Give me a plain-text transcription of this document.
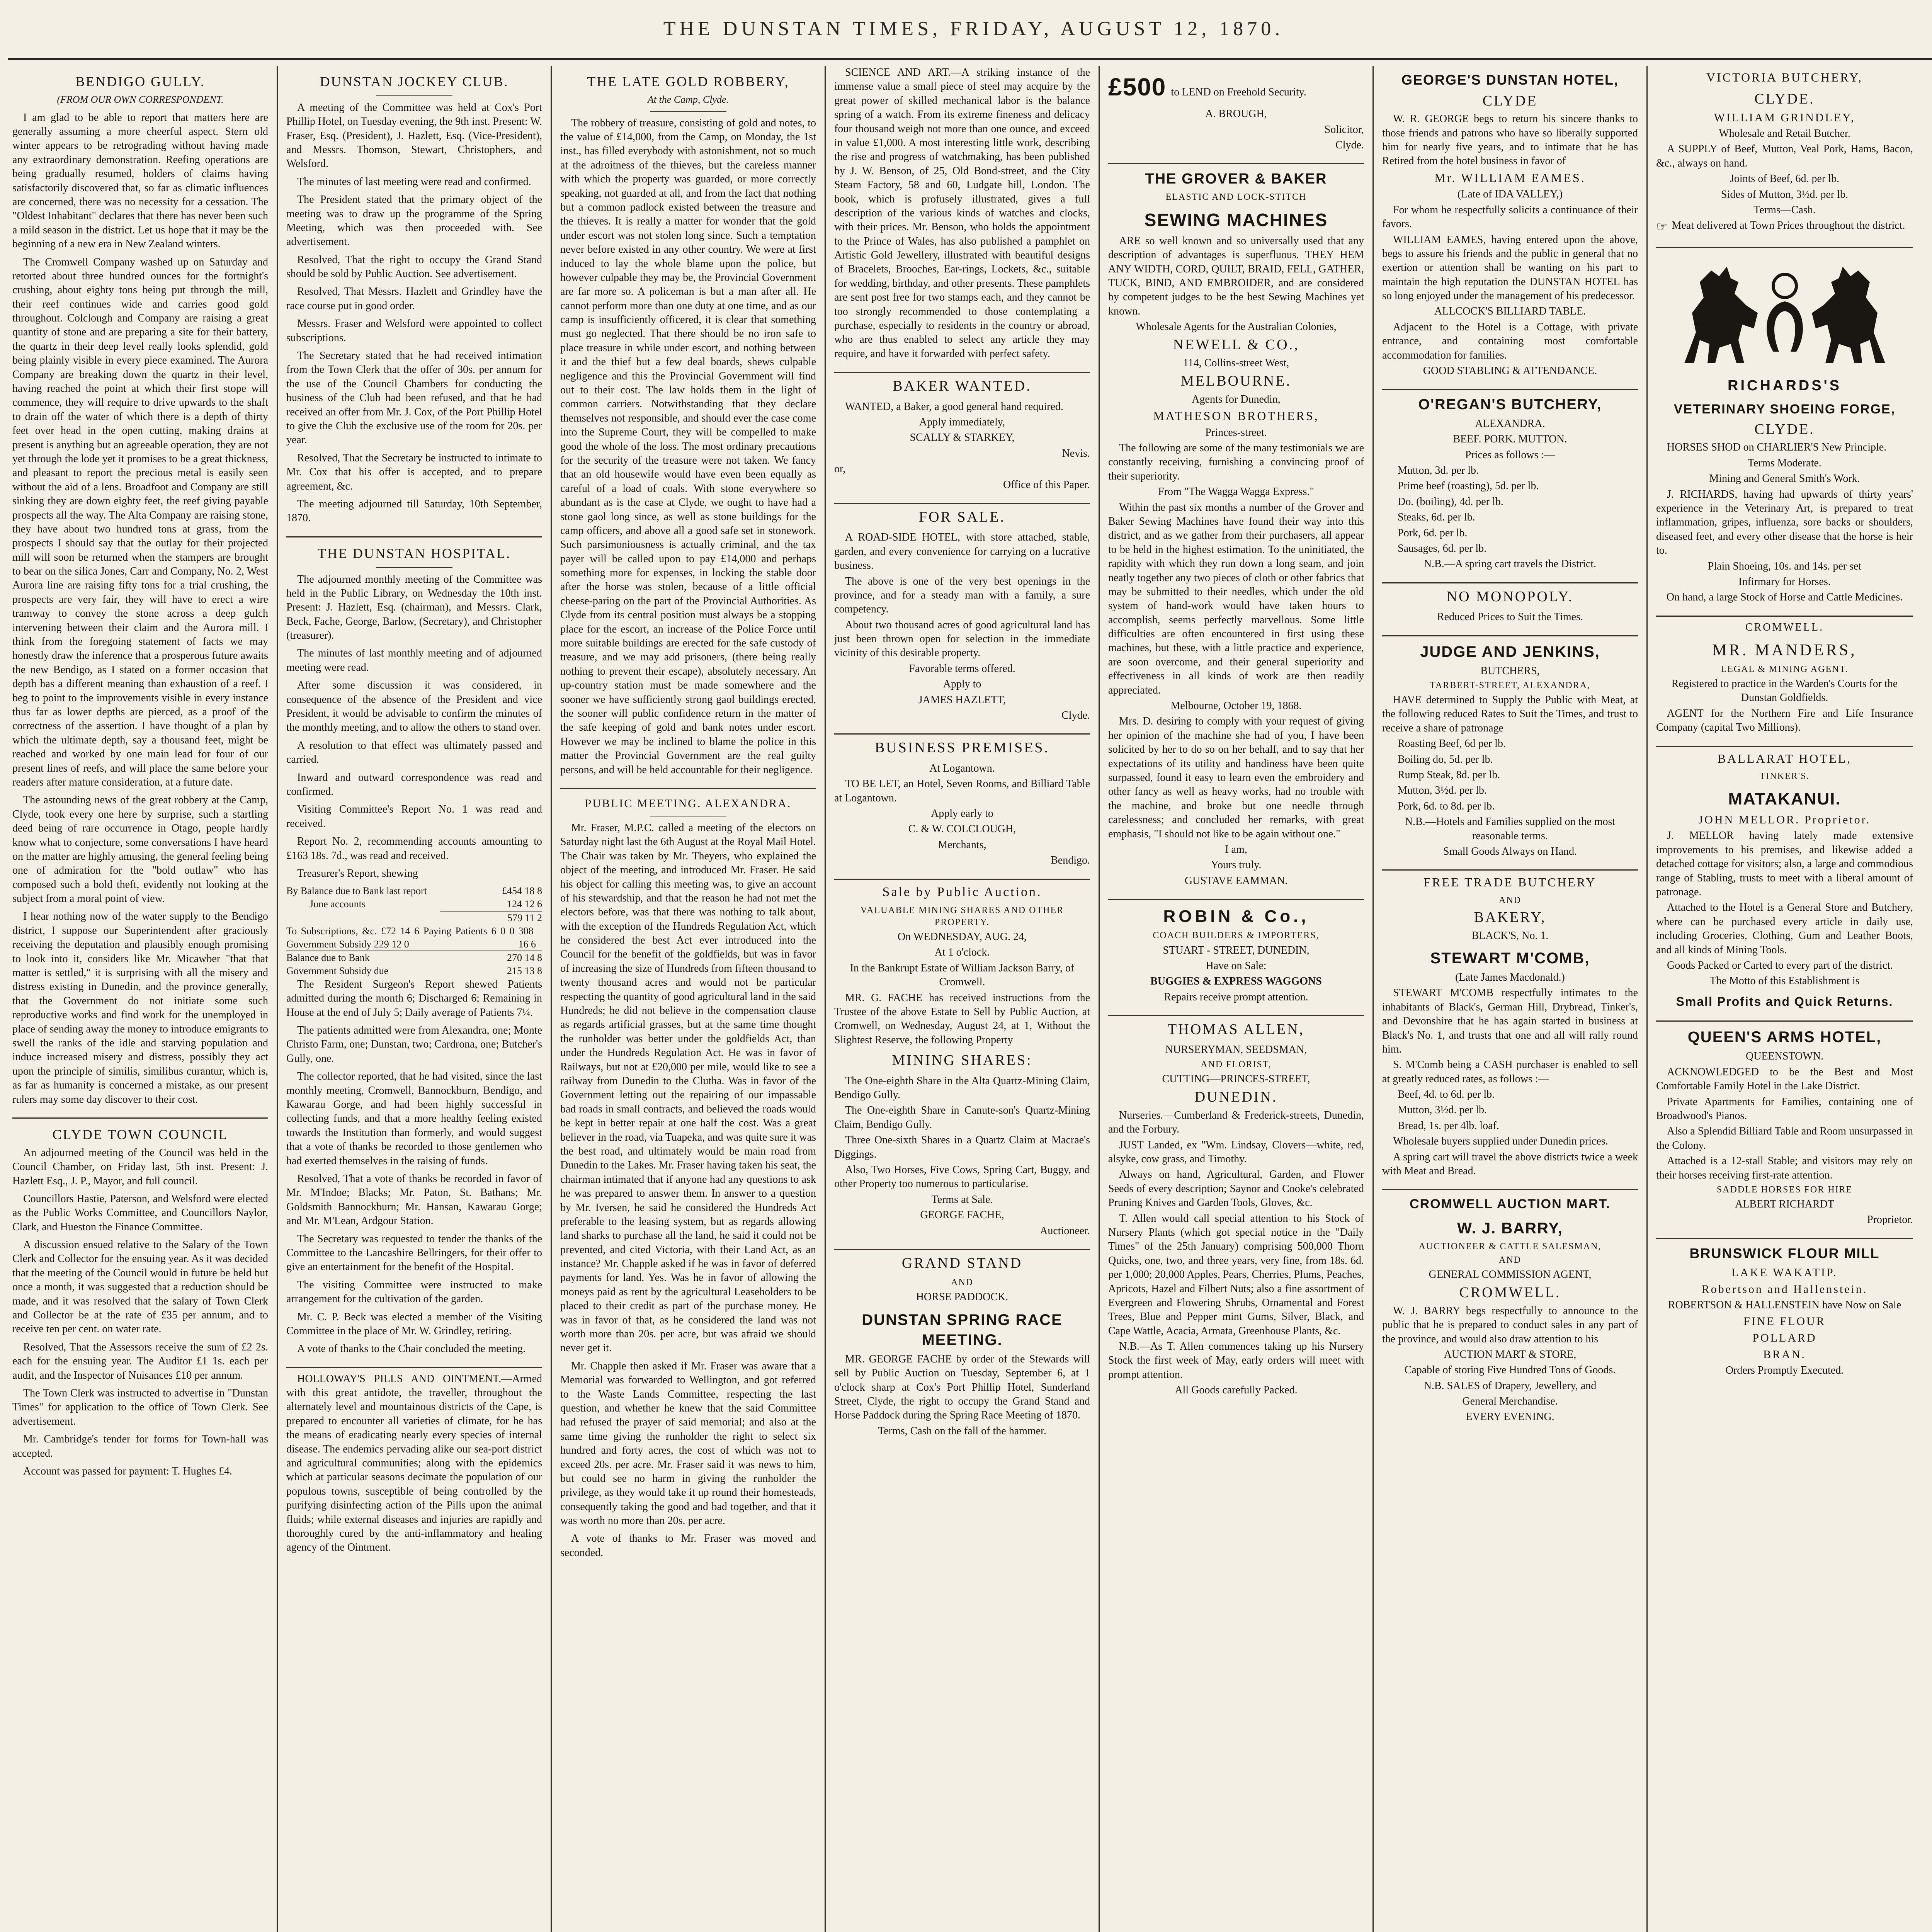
THE DUNSTAN TIMES, FRIDAY, AUGUST 12, 1870.
BENDIGO GULLY.
(FROM OUR OWN CORRESPONDENT.

I am glad to be able to report that matters here are generally assuming a more cheerful aspect. Stern old winter appears to be retrograding without having made any extraordinary demonstration. Reefing operations are being gradually resumed, holders of claims having satisfactorily discovered that, so far as climatic influences are concerned, there was no necessity for a cessation. The "Oldest Inhabitant" declares that there has never been such a mild season in the district. Let us hope that it may be the beginning of a new era in New Zealand winters.

The Cromwell Company washed up on Saturday and retorted about three hundred ounces for the fortnight's crushing, about eighty tons being put through the mill, their reef continues wide and carries good gold throughout. Colclough and Company are raising a great quantity of stone and are preparing a site for their battery, the quartz in their deep level really looks splendid, gold being plainly visible in every piece examined. The Aurora Company are breaking down the quartz in their level, having reached the point at which their first stope will commence, they will require to drive upwards to the shaft to drain off the water of which there is a depth of thirty feet over head in the open cutting, making drains at present is anything but an agreeable operation, they are not yet through the lode yet it promises to be a great thickness, and pleasant to report the precious metal is easily seen without the aid of a lens. Broadfoot and Company are still sinking they are down eighty feet, the reef giving payable prospects all the way. The Alta Company are raising stone, they have about two hundred tons at grass, from the prospects I should say that the outlay for their projected mill will soon be returned when the stampers are brought to bear on the silica Jones, Carr and Company, No. 2, West Aurora line are raising fifty tons for a trial crushing, the prospects are very fair, they will have to erect a wire tramway to convey the stone across a deep gulch intervening between their claim and the Aurora mill. I think from the foregoing statement of facts we may honestly draw the inference that a prosperous future awaits the new Bendigo, as I stated on a former occasion that depth has a different meaning than exhaustion of a reef. I beg to point to the improvements visible in every instance thus far as lower depths are pierced, as a proof of the correctness of the assertion. I have thought of a plan by which the ultimate depth, say a thousand feet, might be reached and worked by one main lead for four of our present lines of reefs, and will place the same before your readers after mature consideration, at a future date.

The astounding news of the great robbery at the Camp, Clyde, took every one here by surprise, such a startling deed being of rare occurrence in Otago, people hardly know what to conjecture, some conversations I have heard on the matter are highly amusing, the general feeling being one of admiration for the "bold outlaw" who has composed such a bold theft, evidently not looking at the subject from a moral point of view.

I hear nothing now of the water supply to the Bendigo district, I suppose our Superintendent after graciously receiving the deputation and plausibly enough promising to look into it, considers like Mr. Micawber "that that matter is settled," it is surprising with all the misery and distress existing in Dunedin, and the province generally, that the Government do not initiate some such reproductive works and find work for the unemployed in place of sending away the money to introduce emigrants to swell the ranks of the idle and starving population and induce increased misery and distress, possibly they act upon the principle of similis, similibus curantur, which is, as far as humanity is concerned a mistake, as our present rulers may some day discover to their cost.

CLYDE TOWN COUNCIL

An adjourned meeting of the Council was held in the Council Chamber, on Friday last, 5th inst. Present: J. Hazlett Esq., J. P., Mayor, and full council.

Councillors Hastie, Paterson, and Welsford were elected as the Public Works Committee, and Councillors Naylor, Clark, and Hueston the Finance Committee.

A discussion ensued relative to the Salary of the Town Clerk and Collector for the ensuing year. As it was decided that the meeting of the Council would in future be held but once a month, it was suggested that a reduction should be made, and it was resolved that the salary of Town Clerk and Collector be at the rate of £35 per annum, and to receive ten per cent. on water rate.

Resolved, That the Assessors receive the sum of £2 2s. each for the ensuing year. The Auditor £1 1s. each per audit, and the Inspector of Nuisances £10 per annum.

The Town Clerk was instructed to advertise in "Dunstan Times" for application to the office of Town Clerk. See advertisement.

Mr. Cambridge's tender for forms for Town-hall was accepted.

Account was passed for payment: T. Hughes £4.

DUNSTAN JOCKEY CLUB.

A meeting of the Committee was held at Cox's Port Phillip Hotel, on Tuesday evening, the 9th inst. Present: W. Fraser, Esq. (President), J. Hazlett, Esq. (Vice-President), and Messrs. Thomson, Stewart, Christophers, and Welsford.

The minutes of last meeting were read and confirmed.

The President stated that the primary object of the meeting was to draw up the programme of the Spring Meeting, which was then proceeded with. See advertisement.

Resolved, That the right to occupy the Grand Stand should be sold by Public Auction. See advertisement.

Resolved, That Messrs. Hazlett and Grindley have the race course put in good order.

Messrs. Fraser and Welsford were appointed to collect subscriptions.

The Secretary stated that he had received intimation from the Town Clerk that the offer of 30s. per annum for the use of the Council Chambers for conducting the business of the Club had been refused, and that he had received an offer from Mr. J. Cox, of the Port Phillip Hotel to give the Club the exclusive use of the room for 20s. per year.

Resolved, That the Secretary be instructed to intimate to Mr. Cox that his offer is accepted, and to prepare agreement, &c.

The meeting adjourned till Saturday, 10th September, 1870.

THE DUNSTAN HOSPITAL.

The adjourned monthly meeting of the Committee was held in the Public Library, on Wednesday the 10th inst. Present: J. Hazlett, Esq. (chairman), and Messrs. Clark, Beck, Fache, George, Barlow, (Secretary), and Christopher (treasurer).

The minutes of last monthly meeting and of adjourned meeting were read.

After some discussion it was considered, in consequence of the absence of the President and vice President, it would be advisable to confirm the minutes of the monthly meeting, and to allow the others to stand over.

A resolution to that effect was ultimately passed and carried.

Inward and outward correspondence was read and confirmed.

Visiting Committee's Report No. 1 was read and received.

Report No. 2, recommending accounts amounting to £163 18s. 7d., was read and received.

Treasurer's Report, shewing

By Balance due to Bank last report	£454 18 8
June accounts	124 12 6
579 11 2
To Subscriptions, &c. £72 14 6 Paying Patients 6 0 0 Government Subsidy 229 12 0
308 16 6
Balance due to Bank	270 14 8
Government Subsidy due	215 13 8

The Resident Surgeon's Report shewed Patients admitted during the month 6; Discharged 6; Remaining in House at the end of July 5; Daily average of Patients 7¼.

The patients admitted were from Alexandra, one; Monte Christo Farm, one; Dunstan, two; Cardrona, one; Butcher's Gully, one.

The collector reported, that he had visited, since the last monthly meeting, Cromwell, Bannockburn, Bendigo, and Kawarau Gorge, and had been highly successful in collecting funds, and that a more healthy feeling existed towards the Institution than formerly, and would suggest that a vote of thanks be recorded to those gentlemen who had exerted themselves in the raising of funds.

Resolved, That a vote of thanks be recorded in favor of Mr. M'Indoe; Blacks; Mr. Paton, St. Bathans; Mr. Goldsmith Bannockburn; Mr. Hansan, Kawarau Gorge; and Mr. M'Lean, Ardgour Station.

The Secretary was requested to tender the thanks of the Committee to the Lancashire Bellringers, for their offer to give an entertainment for the benefit of the Hospital.

The visiting Committee were instructed to make arrangement for the cultivation of the garden.

Mr. C. P. Beck was elected a member of the Visiting Committee in the place of Mr. W. Grindley, retiring.

A vote of thanks to the Chair concluded the meeting.

HOLLOWAY'S PILLS AND OINTMENT.—Armed with this great antidote, the traveller, throughout the alternately level and mountainous districts of the Cape, is prepared to encounter all varieties of climate, for he has the means of eradicating nearly every species of internal disease. The endemics pervading alike our sea-port district and agricultural communities; along with the epidemics which at particular seasons decimate the population of our populous towns, susceptible of being controlled by the purifying disinfecting action of the Pills upon the animal fluids; while external diseases and injuries are rapidly and thoroughly cured by the anti-inflammatory and healing agency of the Ointment.

THE LATE GOLD ROBBERY,
At the Camp, Clyde.

The robbery of treasure, consisting of gold and notes, to the value of £14,000, from the Camp, on Monday, the 1st inst., has filled everybody with astonishment, not so much at the adroitness of the thieves, but the careless manner with which the property was guarded, or more correctly speaking, not guarded at all, and from the fact that nothing but a common padlock existed between the treasure and the thieves. It is really a matter for wonder that the gold under escort was not stolen long since. Such a temptation never before existed in any other country. We were at first induced to lay the whole blame upon the police, but however culpable they may be, the Provincial Government are far more so. A policeman is but a man after all. He cannot perform more than one duty at one time, and as our camp is insufficiently officered, it is clear that something must go neglected. That there should be no iron safe to place treasure in while under escort, and nothing between it and the thief but a few deal boards, shews culpable negligence and this the Provincial Government will find out to their cost. The law holds them in the light of common carriers. Notwithstanding that they declare themselves not responsible, and should ever the case come into the Supreme Court, they will be compelled to make good the whole of the loss. The most ordinary precautions for the security of the treasure were not taken. We fancy that an old housewife would have even been equally as careful of a load of coals. With stone everywhere so abundant as is the case at Clyde, we ought to have had a stone gaol long since, as well as stone buildings for the camp officers, and above all a good safe set in stonework. Such parsimoniousness is actually criminal, and the tax payer will be called upon to pay £14,000 and perhaps something more for expenses, in locking the stable door after the horse was stolen, because of a little official cheese-paring on the part of the Provincial Authorities. As Clyde from its central position must always be a stopping place for the escort, an increase of the Police Force until more suitable buildings are erected for the safe custody of treasure, and we may add prisoners, (there being really nothing to prevent their escape), absolutely necessary. An up-country station must be made somewhere and the sooner we have sufficiently strong gaol buildings erected, the sooner will public confidence return in the matter of the safe keeping of gold and bank notes under escort. However we may be inclined to blame the police in this matter the Provincial Government are the real guilty persons, and will be held accountable for their negligence.

PUBLIC MEETING. ALEXANDRA.

Mr. Fraser, M.P.C. called a meeting of the electors on Saturday night last the 6th August at the Royal Mail Hotel. The Chair was taken by Mr. Theyers, who explained the object of the meeting, and introduced Mr. Fraser. He said his object for calling this meeting was, to give an account of his stewardship, and that the reason he had not met the electors before, was that there was nothing to talk about, with the exception of the Hundreds Regulation Act, which he considered the best Act ever introduced into the Council for the benefit of the goldfields, but was in favor of increasing the size of Hundreds from fifteen thousand to twenty thousand acres and would not be particular respecting the quantity of good agricultural land in the said Hundreds; he did not believe in the compensation clause as regards artificial grasses, but at the same time thought the runholder was better under the goldfields Act, than under the Hundreds Regulation Act. He was in favor of Railways, but not at £20,000 per mile, would like to see a railway from Dunedin to the Clutha. Was in favor of the Government letting out the repairing of our impassable bad roads in small contracts, and believed the roads would be kept in better repair at one half the cost. Was a great believer in the road, via Tuapeka, and was quite sure it was the best road, and ultimately would be main road from Dunedin to the Lakes. Mr. Fraser having taken his seat, the chairman intimated that if anyone had any questions to ask he was prepared to answer them. In answer to a question by Mr. Iversen, he said he considered the Hundreds Act preferable to the leasing system, but as regards allowing land sharks to purchase all the land, he said it could not be prevented, and cited Victoria, with their Land Act, as an instance? Mr. Chapple asked if he was in favor of deferred payments for land. Yes. Was he in favor of allowing the moneys paid as rent by the agricultural Leaseholders to be placed to their credit as part of the purchase money. He was in favor of that, as he considered the land was not worth more than 20s. per acre, but was afraid we should never get it.

Mr. Chapple then asked if Mr. Fraser was aware that a Memorial was forwarded to Wellington, and got referred to the Waste Lands Committee, respecting the last question, and whether he knew that the said Committee had refused the prayer of said memorial; and also at the same time giving the runholder the right to select six hundred and forty acres, the cost of which was not to exceed 20s. per acre. Mr. Fraser said it was news to him, but could see no harm in giving the runholder the privilege, as they would take it up round their homesteads, consequently taking the good and bad together, and that it was worth no more than 20s. per acre.

A vote of thanks to Mr. Fraser was moved and seconded.

SCIENCE AND ART.—A striking instance of the immense value a small piece of steel may acquire by the great power of skilled mechanical labor is the balance spring of a watch. From its extreme fineness and delicacy four thousand weigh not more than one ounce, and exceed in value £1,000. A most interesting little work, describing the rise and progress of watchmaking, has been published by J. W. Benson, of 25, Old Bond-street, and the City Steam Factory, 58 and 60, Ludgate hill, London. The book, which is profusely illustrated, gives a full description of the various kinds of watches and clocks, with their prices. Mr. Benson, who holds the appointment to the Prince of Wales, has also published a pamphlet on Artistic Gold Jewellery, illustrated with beautiful designs of Bracelets, Brooches, Ear-rings, Lockets, &c., suitable for wedding, birthday, and other presents. These pamphlets are sent post free for two stamps each, and they cannot be too strongly recommended to those contemplating a purchase, especially to residents in the country or abroad, who are thus enabled to select any article they may require, and have it forwarded with perfect safety.

BAKER WANTED.

WANTED, a Baker, a good general hand required.

Apply immediately,

SCALLY & STARKEY,

Nevis.

or,

Office of this Paper.

FOR SALE.

A ROAD-SIDE HOTEL, with store attached, stable, garden, and every convenience for carrying on a lucrative business.

The above is one of the very best openings in the province, and for a steady man with a family, a sure competency.

About two thousand acres of good agricultural land has just been thrown open for selection in the immediate vicinity of this desirable property.

Favorable terms offered.

Apply to

JAMES HAZLETT,

Clyde.

BUSINESS PREMISES.

At Logantown.

TO BE LET, an Hotel, Seven Rooms, and Billiard Table at Logantown.

Apply early to

C. & W. COLCLOUGH,

Merchants,

Bendigo.

Sale by Public Auction.

VALUABLE MINING SHARES AND OTHER PROPERTY.

On WEDNESDAY, AUG. 24,

At 1 o'clock.

In the Bankrupt Estate of William Jackson Barry, of Cromwell.

MR. G. FACHE has received instructions from the Trustee of the above Estate to Sell by Public Auction, at Cromwell, on Wednesday, August 24, at 1, Without the Slightest Reserve, the following Property

MINING SHARES:

The One-eighth Share in the Alta Quartz-Mining Claim, Bendigo Gully.

The One-eighth Share in Canute-son's Quartz-Mining Claim, Bendigo Gully.

Three One-sixth Shares in a Quartz Claim at Macrae's Diggings.

Also, Two Horses, Five Cows, Spring Cart, Buggy, and other Property too numerous to particularise.

Terms at Sale.

GEORGE FACHE,

Auctioneer.

GRAND STAND

AND

HORSE PADDOCK.

DUNSTAN SPRING RACE MEETING.

MR. GEORGE FACHE by order of the Stewards will sell by Public Auction on Tuesday, September 6, at 1 o'clock sharp at Cox's Port Phillip Hotel, Sunderland Street, Clyde, the right to occupy the Grand Stand and Horse Paddock during the Spring Race Meeting of 1870.

Terms, Cash on the fall of the hammer.

£500 to LEND on Freehold Security.

A. BROUGH,

Solicitor,

Clyde.

THE GROVER & BAKER

ELASTIC AND LOCK-STITCH

SEWING MACHINES

ARE so well known and so universally used that any description of advantages is superfluous. THEY HEM ANY WIDTH, CORD, QUILT, BRAID, FELL, GATHER, TUCK, BIND, AND EMBROIDER, and are considered by competent judges to be the best Sewing Machines yet known.

Wholesale Agents for the Australian Colonies,

NEWELL & CO.,

114, Collins-street West,

MELBOURNE.

Agents for Dunedin,

MATHESON BROTHERS,

Princes-street.

The following are some of the many testimonials we are constantly receiving, furnishing a convincing proof of their superiority.

From "The Wagga Wagga Express."

Within the past six months a number of the Grover and Baker Sewing Machines have found their way into this district, and as we gather from their purchasers, all appear to be held in the highest estimation. To the uninitiated, the rapidity with which they run down a long seam, and join neatly together any two pieces of cloth or other fabrics that may be submitted to their needles, which under the old system of hand-work would have taken hours to accomplish, seems perfectly marvellous. Some little difficulties are often encountered in first using these machines, but these, with a little practice and experience, are soon overcome, and their general superiority and effectiveness in all kinds of work are then readily appreciated.

Melbourne, October 19, 1868.

Mrs. D. desiring to comply with your request of giving her opinion of the machine she had of you, I have been solicited by her to do so on her behalf, and to say that her expectations of its utility and handiness have been quite surpassed, found it easy to learn even the embroidery and other fancy as well as heavy works, had no trouble with the machine, and broke but one needle through carelessness; and concluded her remarks, with great emphasis, "I should not like to be again without one."

I am,

Yours truly.

GUSTAVE EAMMAN.

ROBIN & Co.,

COACH BUILDERS & IMPORTERS,

STUART - STREET, DUNEDIN,

Have on Sale:

BUGGIES & EXPRESS WAGGONS

Repairs receive prompt attention.

THOMAS ALLEN,

NURSERYMAN, SEEDSMAN,

AND FLORIST,

CUTTING—PRINCES-STREET,

DUNEDIN.

Nurseries.—Cumberland & Frederick-streets, Dunedin, and the Forbury.

JUST Landed, ex "Wm. Lindsay, Clovers—white, red, alsyke, cow grass, and Timothy.

Always on hand, Agricultural, Garden, and Flower Seeds of every description; Saynor and Cooke's celebrated Pruning Knives and Garden Tools, Gloves, &c.

T. Allen would call special attention to his Stock of Nursery Plants (which got special notice in the "Daily Times" of the 25th January) comprising 500,000 Thorn Quicks, one, two, and three years, very fine, from 18s. 6d. per 1,000; 20,000 Apples, Pears, Cherries, Plums, Peaches, Apricots, Hazel and Filbert Nuts; also a fine assortment of Evergreen and Flowering Shrubs, Ornamental and Forest Trees, Blue and Pepper mint Gums, Silver, Black, and Cape Wattle, Acacia, Armata, Greenhouse Plants, &c.

N.B.—As T. Allen commences taking up his Nursery Stock the first week of May, early orders will meet with prompt attention.

All Goods carefully Packed.

GEORGE'S DUNSTAN HOTEL,

CLYDE

W. R. GEORGE begs to return his sincere thanks to those friends and patrons who have so liberally supported him for nearly five years, and to intimate that he has Retired from the hotel business in favor of

Mr. WILLIAM EAMES.

(Late of IDA VALLEY,)

For whom he respectfully solicits a continuance of their favors.

WILLIAM EAMES, having entered upon the above, begs to assure his friends and the public in general that no exertion or attention shall be wanting on his part to maintain the high reputation the DUNSTAN HOTEL has so long enjoyed under the management of his predecessor.

ALLCOCK'S BILLIARD TABLE.

Adjacent to the Hotel is a Cottage, with private entrance, and containing most comfortable accommodation for families.

GOOD STABLING & ATTENDANCE.

O'REGAN'S BUTCHERY,

ALEXANDRA.

BEEF. PORK. MUTTON.

Prices as follows :—

Mutton, 3d. per lb.

Prime beef (roasting), 5d. per lb.

Do. (boiling), 4d. per lb.

Steaks, 6d. per lb.

Pork, 6d. per lb.

Sausages, 6d. per lb.

N.B.—A spring cart travels the District.

NO MONOPOLY.

Reduced Prices to Suit the Times.

JUDGE AND JENKINS,

BUTCHERS,

TARBERT-STREET, ALEXANDRA,

HAVE determined to Supply the Public with Meat, at the following reduced Rates to Suit the Times, and trust to receive a share of patronage

Roasting Beef, 6d per lb.

Boiling do, 5d. per lb.

Rump Steak, 8d. per lb.

Mutton, 3½d. per lb.

Pork, 6d. to 8d. per lb.

N.B.—Hotels and Families supplied on the most reasonable terms.

Small Goods Always on Hand.

FREE TRADE BUTCHERY

AND

BAKERY,

BLACK'S, No. 1.

STEWART M'COMB,

(Late James Macdonald.)

STEWART M'COMB respectfully intimates to the inhabitants of Black's, German Hill, Drybread, Tinker's, and Devonshire that he has again started in business at Black's No. 1, and trusts that one and all will rally round him.

S. M'Comb being a CASH purchaser is enabled to sell at greatly reduced rates, as follows :—

Beef, 4d. to 6d. per lb.

Mutton, 3½d. per lb.

Bread, 1s. per 4lb. loaf.

Wholesale buyers supplied under Dunedin prices.

A spring cart will travel the above districts twice a week with Meat and Bread.

CROMWELL AUCTION MART.
W. J. BARRY,

AUCTIONEER & CATTLE SALESMAN,

AND

GENERAL COMMISSION AGENT,

CROMWELL.

W. J. BARRY begs respectfully to announce to the public that he is prepared to conduct sales in any part of the province, and would also draw attention to his

AUCTION MART & STORE,

Capable of storing Five Hundred Tons of Goods.

N.B. SALES of Drapery, Jewellery, and

General Merchandise.

EVERY EVENING.

VICTORIA BUTCHERY,

CLYDE.

WILLIAM GRINDLEY,

Wholesale and Retail Butcher.

A SUPPLY of Beef, Mutton, Veal Pork, Hams, Bacon, &c., always on hand.

Joints of Beef, 6d. per lb.

Sides of Mutton, 3½d. per lb.

Terms—Cash.

☞ Meat delivered at Town Prices throughout the district.
RICHARDS'S
VETERINARY SHOEING FORGE,

CLYDE.

HORSES SHOD on CHARLIER'S New Principle.

Terms Moderate.

Mining and General Smith's Work.

J. RICHARDS, having had upwards of thirty years' experience in the Veterinary Art, is prepared to treat inflammation, gripes, influenza, sore backs or shoulders, diseased feet, and every other disease that the horse is heir to.

Plain Shoeing, 10s. and 14s. per set

Infirmary for Horses.

On hand, a large Stock of Horse and Cattle Medicines.

CROMWELL.

MR. MANDERS,

LEGAL & MINING AGENT.

Registered to practice in the Warden's Courts for the Dunstan Goldfields.

AGENT for the Northern Fire and Life Insurance Company (capital Two Millions).

BALLARAT HOTEL,

TINKER'S.

MATAKANUI.

JOHN MELLOR. Proprietor.

J. MELLOR having lately made extensive improvements to his premises, and likewise added a detached cottage for visitors; also, a large and commodious range of Stabling, trusts to meet with a liberal amount of patronage.

Attached to the Hotel is a General Store and Butchery, where can be purchased every article in daily use, including Groceries, Clothing, Gum and Leather Boots, and all kinds of Mining Tools.

Goods Packed or Carted to every part of the district.

The Motto of this Establishment is

Small Profits and Quick Returns.
QUEEN'S ARMS HOTEL,

QUEENSTOWN.

ACKNOWLEDGED to be the Best and Most Comfortable Family Hotel in the Lake District.

Private Apartments for Families, containing one of Broadwood's Pianos.

Also a Splendid Billiard Table and Room unsurpassed in the Colony.

Attached is a 12-stall Stable; and visitors may rely on their horses receiving first-rate attention.

SADDLE HORSES FOR HIRE

ALBERT RICHARDT

Proprietor.

BRUNSWICK FLOUR MILL

LAKE WAKATIP.

Robertson and Hallenstein.

ROBERTSON & HALLENSTEIN have Now on Sale

FINE FLOUR

POLLARD

BRAN.

Orders Promptly Executed.
